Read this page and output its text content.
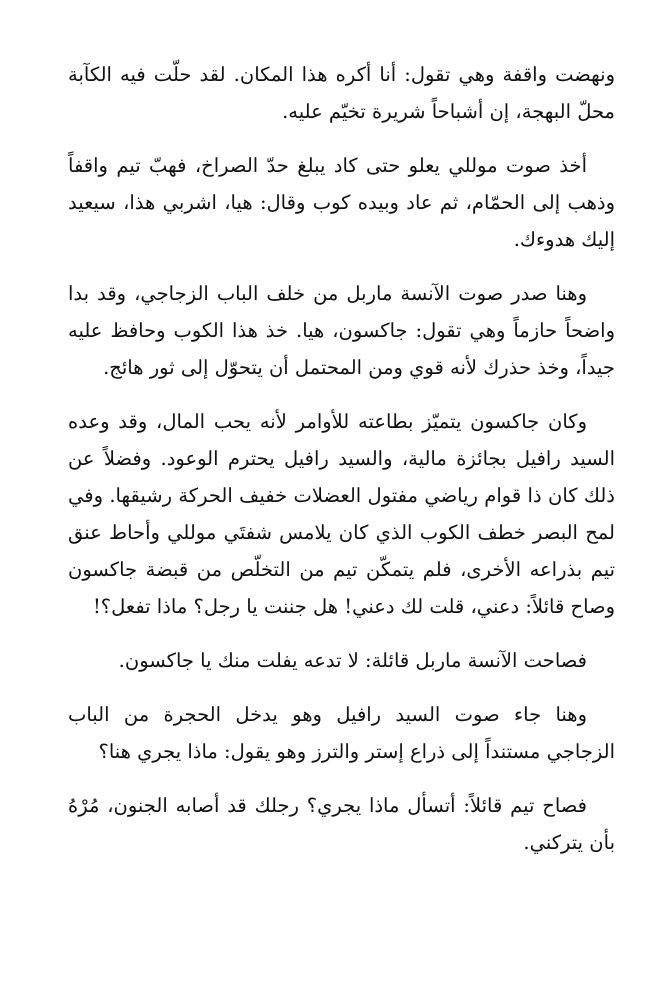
ونهضت واقفة وهي تقول: أنا أكره هذا المكان. لقد حلّت فيه الكآبة محلّ البهجة، إن أشباحاً شريرة تخيّم عليه.

أخذ صوت موللي يعلو حتى كاد يبلغ حدّ الصراخ، فهبّ تيم واقفاً وذهب إلى الحمّام، ثم عاد وبيده كوب وقال: هيا، اشربي هذا، سيعيد إليك هدوءك.

وهنا صدر صوت الآنسة ماربل من خلف الباب الزجاجي، وقد بدا واضحاً حازماً وهي تقول: جاكسون، هيا. خذ هذا الكوب وحافظ عليه جيداً، وخذ حذرك لأنه قوي ومن المحتمل أن يتحوّل إلى ثور هائج.

وكان جاكسون يتميّز بطاعته للأوامر لأنه يحب المال، وقد وعده السيد رافيل بجائزة مالية، والسيد رافيل يحترم الوعود. وفضلاً عن ذلك كان ذا قوام رياضي مفتول العضلات خفيف الحركة رشيقها. وفي لمح البصر خطف الكوب الذي كان يلامس شفتَي موللي وأحاط عنق تيم بذراعه الأخرى، فلم يتمكّن تيم من التخلّص من قبضة جاكسون وصاح قائلاً: دعني، قلت لك دعني! هل جننت يا رجل؟ ماذا تفعل؟!

فصاحت الآنسة ماربل قائلة: لا تدعه يفلت منك يا جاكسون.

وهنا جاء صوت السيد رافيل وهو يدخل الحجرة من الباب الزجاجي مستنداً إلى ذراع إستر والترز وهو يقول: ماذا يجري هنا؟

فصاح تيم قائلاً: أتسأل ماذا يجري؟ رجلك قد أصابه الجنون، مُرْهُ بأن يتركني.
